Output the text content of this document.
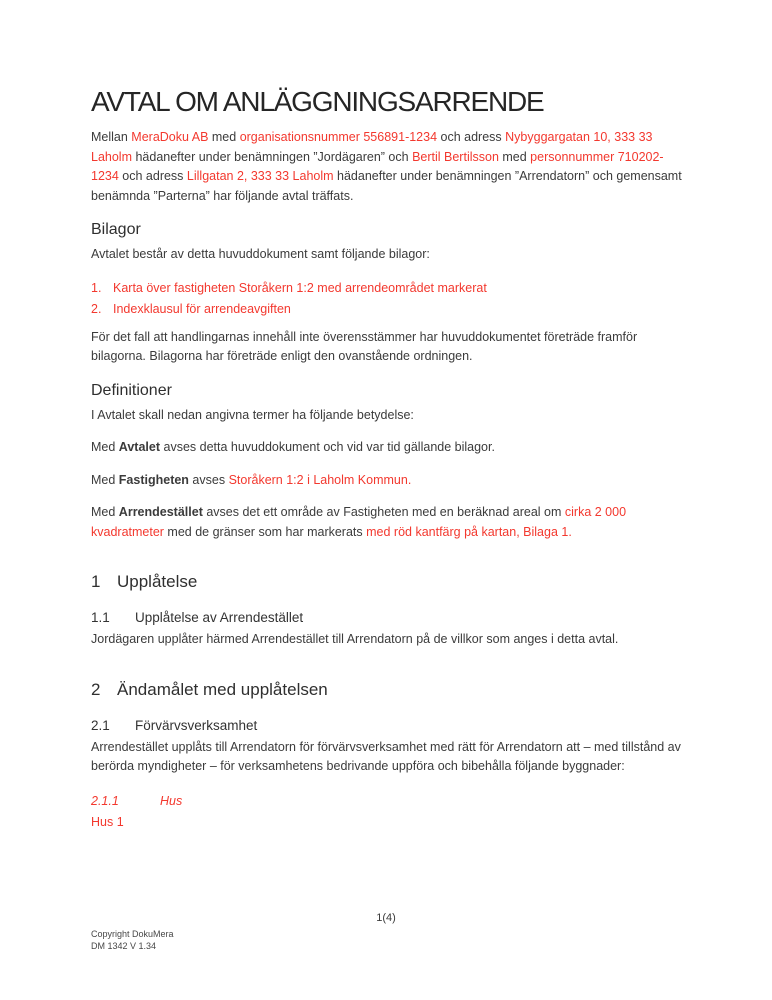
AVTAL OM ANLÄGGNINGSARRENDE

Mellan MeraDoku AB med organisationsnummer 556891-1234 och adress Nybyggargatan 10, 333 33 Laholm hädanefter under benämningen ”Jordägaren” och Bertil Bertilsson med personnummer 710202-1234 och adress Lillgatan 2, 333 33 Laholm hädanefter under benämningen ”Arrendatorn” och gemensamt benämnda ”Parterna” har följande avtal träffats.

Bilagor

Avtalet består av detta huvuddokument samt följande bilagor:

1. Karta över fastigheten Storåkern 1:2 med arrendeområdet markerat
2. Indexklausul för arrendeavgiften

För det fall att handlingarnas innehåll inte överensstämmer har huvuddokumentet företräde framför bilagorna. Bilagorna har företräde enligt den ovanstående ordningen.

Definitioner

I Avtalet skall nedan angivna termer ha följande betydelse:

Med Avtalet avses detta huvuddokument och vid var tid gällande bilagor.

Med Fastigheten avses Storåkern 1:2 i Laholm Kommun.

Med Arrendestället avses det ett område av Fastigheten med en beräknad areal om cirka 2 000 kvadratmeter med de gränser som har markerats med röd kantfärg på kartan, Bilaga 1.

1 Upplåtelse
1.1 Upplåtelse av Arrendestället

Jordägaren upplåter härmed Arrendestället till Arrendatorn på de villkor som anges i detta avtal.

2 Ändamålet med upplåtelsen
2.1 Förvärvsverksamhet

Arrendestället upplåts till Arrendatorn för förvärvsverksamhet med rätt för Arrendatorn att – med tillstånd av berörda myndigheter – för verksamhetens bedrivande uppföra och bibehålla följande byggnader:

2.1.1	Hus

Hus 1

1(4)
Copyright DokuMera
DM 1342 V 1.34
